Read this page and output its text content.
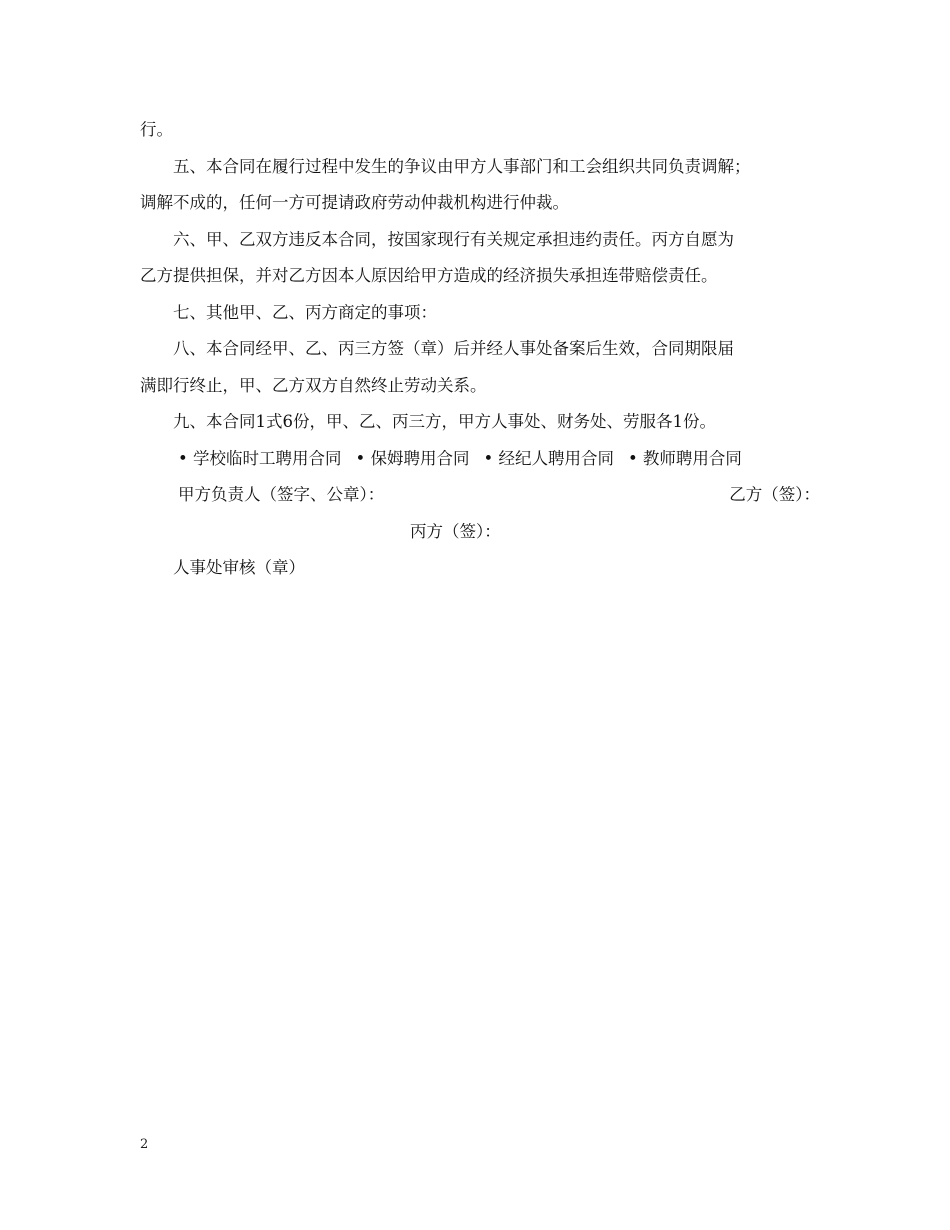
行。

五、本合同在履行过程中发生的争议由甲方人事部门和工会组织共同负责调解；

调解不成的，任何一方可提请政府劳动仲裁机构进行仲裁。

六、甲、乙双方违反本合同，按国家现行有关规定承担违约责任。丙方自愿为

乙方提供担保，并对乙方因本人原因给甲方造成的经济损失承担连带赔偿责任。

七、其他甲、乙、丙方商定的事项：

八、本合同经甲、乙、丙三方签（章）后并经人事处备案后生效，合同期限届

满即行终止，甲、乙方双方自然终止劳动关系。

九、本合同1式6份，甲、乙、丙三方，甲方人事处、财务处、劳服各1份。

• 学校临时工聘用合同 • 保姆聘用合同 • 经纪人聘用合同 • 教师聘用合同
甲方负责人（签字、公章）：	乙方（签）：

丙方（签）：

人事处审核（章）

2
